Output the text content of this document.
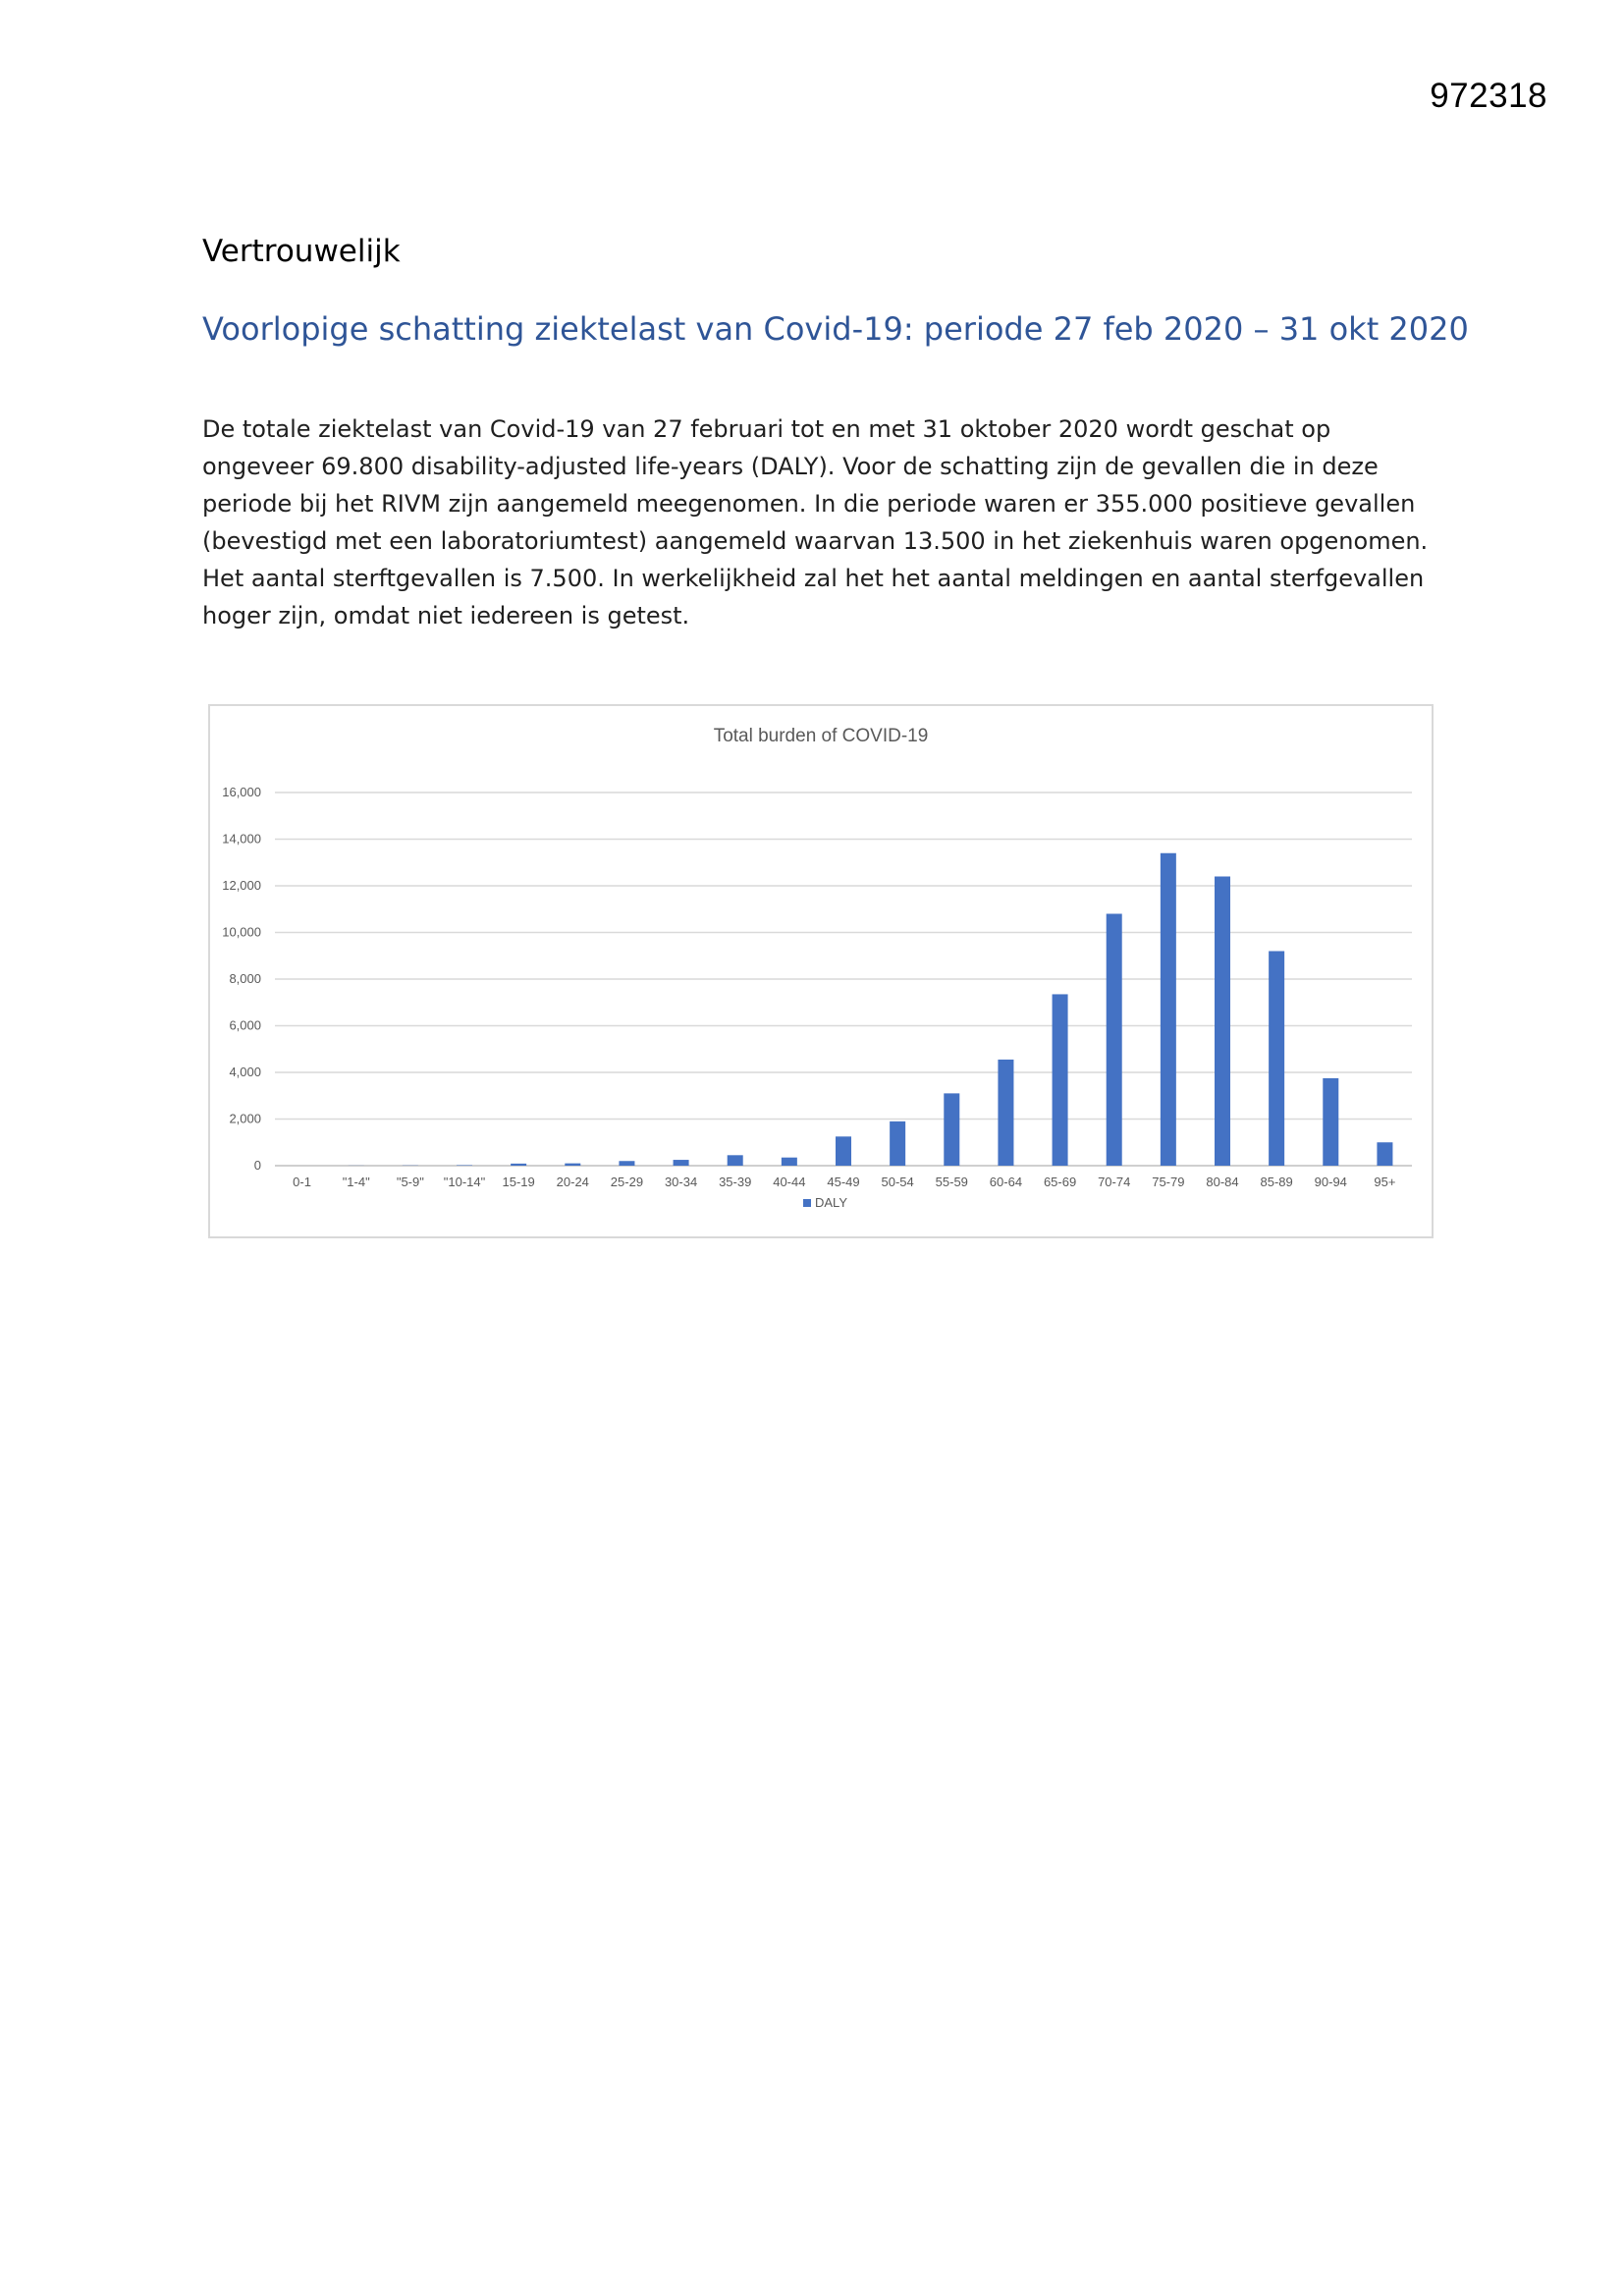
972318
Vertrouwelijk
Voorlopige schatting ziektelast van Covid-19: periode 27 feb 2020 – 31 okt 2020

De totale ziektelast van Covid-19 van 27 februari tot en met 31 oktober 2020 wordt geschat op ongeveer 69.800 disability-adjusted life-years (DALY). Voor de schatting zijn de gevallen die in deze periode bij het RIVM zijn aangemeld meegenomen. In die periode waren er 355.000 positieve gevallen (bevestigd met een laboratoriumtest) aangemeld waarvan 13.500 in het ziekenhuis waren opgenomen. Het aantal sterftgevallen is 7.500. In werkelijkheid zal het het aantal meldingen en aantal sterfgevallen hoger zijn, omdat niet iedereen is getest.

Total burden of COVID-19
0
2,000
4,000
6,000
8,000
10,000
12,000
14,000
16,000
0-1 "1-4" "5-9" "10-14" 15-19 20-24 25-29 30-34 35-39 40-44 45-49 50-54 55-59 60-64 65-69 70-74 75-79 80-84 85-89 90-94 95+
DALY
